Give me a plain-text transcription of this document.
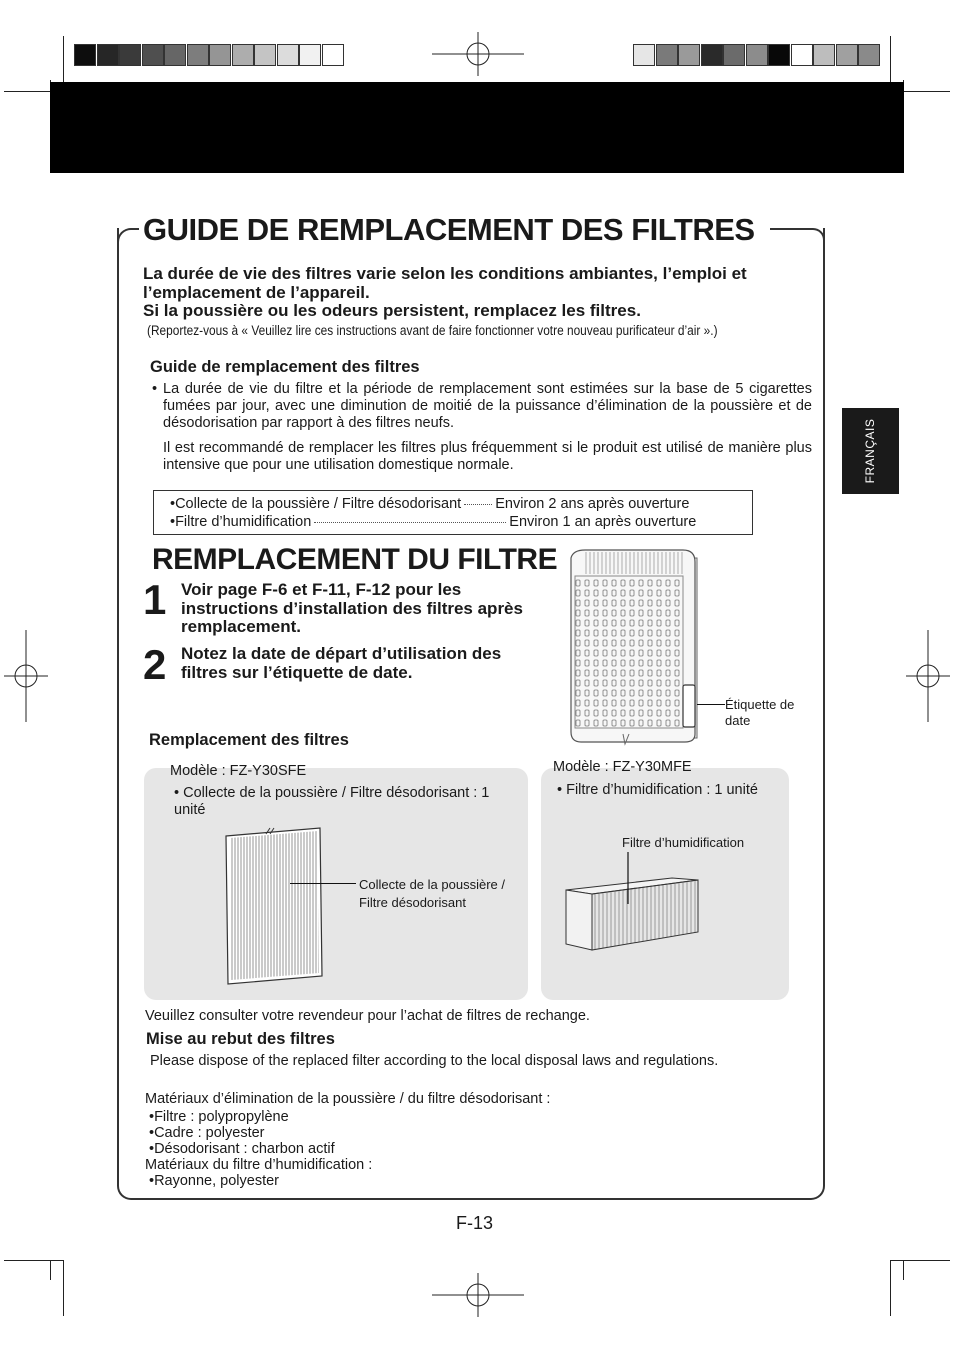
FRANÇAIS
GUIDE DE REMPLACEMENT DES FILTRES
La durée de vie des filtres varie selon les conditions ambiantes, l’emploi et l’emplacement de l’appareil.
Si la poussière ou les odeurs persistent, remplacez les filtres.
(Reportez-vous à « Veuillez lire ces instructions avant de faire fonctionner votre nouveau purificateur d’air ».)
Guide de remplacement des filtres
• La durée de vie du filtre et la période de remplacement sont estimées sur la base de 5 cigarettes fumées par jour, avec une diminution de moitié de la puissance d’élimination de la poussière et de désodorisation par rapport à des filtres neufs.
Il est recommandé de remplacer les filtres plus fréquemment si le produit est utilisé de manière plus intensive que pour une utilisation domestique normale.
•Collecte de la poussière / Filtre désodorisant Environ 2 ans après ouverture
•Filtre d’humidification	Environ 1 an après ouverture
REMPLACEMENT DU FILTRE
1 Voir page F-6 et F-11, F-12 pour les instructions d’installation des filtres après remplacement.
2 Notez la date de départ d’utilisation des filtres sur l’étiquette de date.
Étiquette de date
Remplacement des filtres
Modèle : FZ-Y30SFE
• Collecte de la poussière / Filtre désodorisant : 1 unité
Collecte de la poussière / Filtre désodorisant
Modèle : FZ-Y30MFE
• Filtre d’humidification : 1 unité
Filtre d’humidification
Veuillez consulter votre revendeur pour l’achat de filtres de rechange.
Mise au rebut des filtres
Please dispose of the replaced filter according to the local disposal laws and regulations.
Matériaux d’élimination de la poussière / du filtre désodorisant :
•Filtre : polypropylène
•Cadre : polyester
•Désodorisant : charbon actif
Matériaux du filtre d’humidification :
•Rayonne, polyester
F-13
